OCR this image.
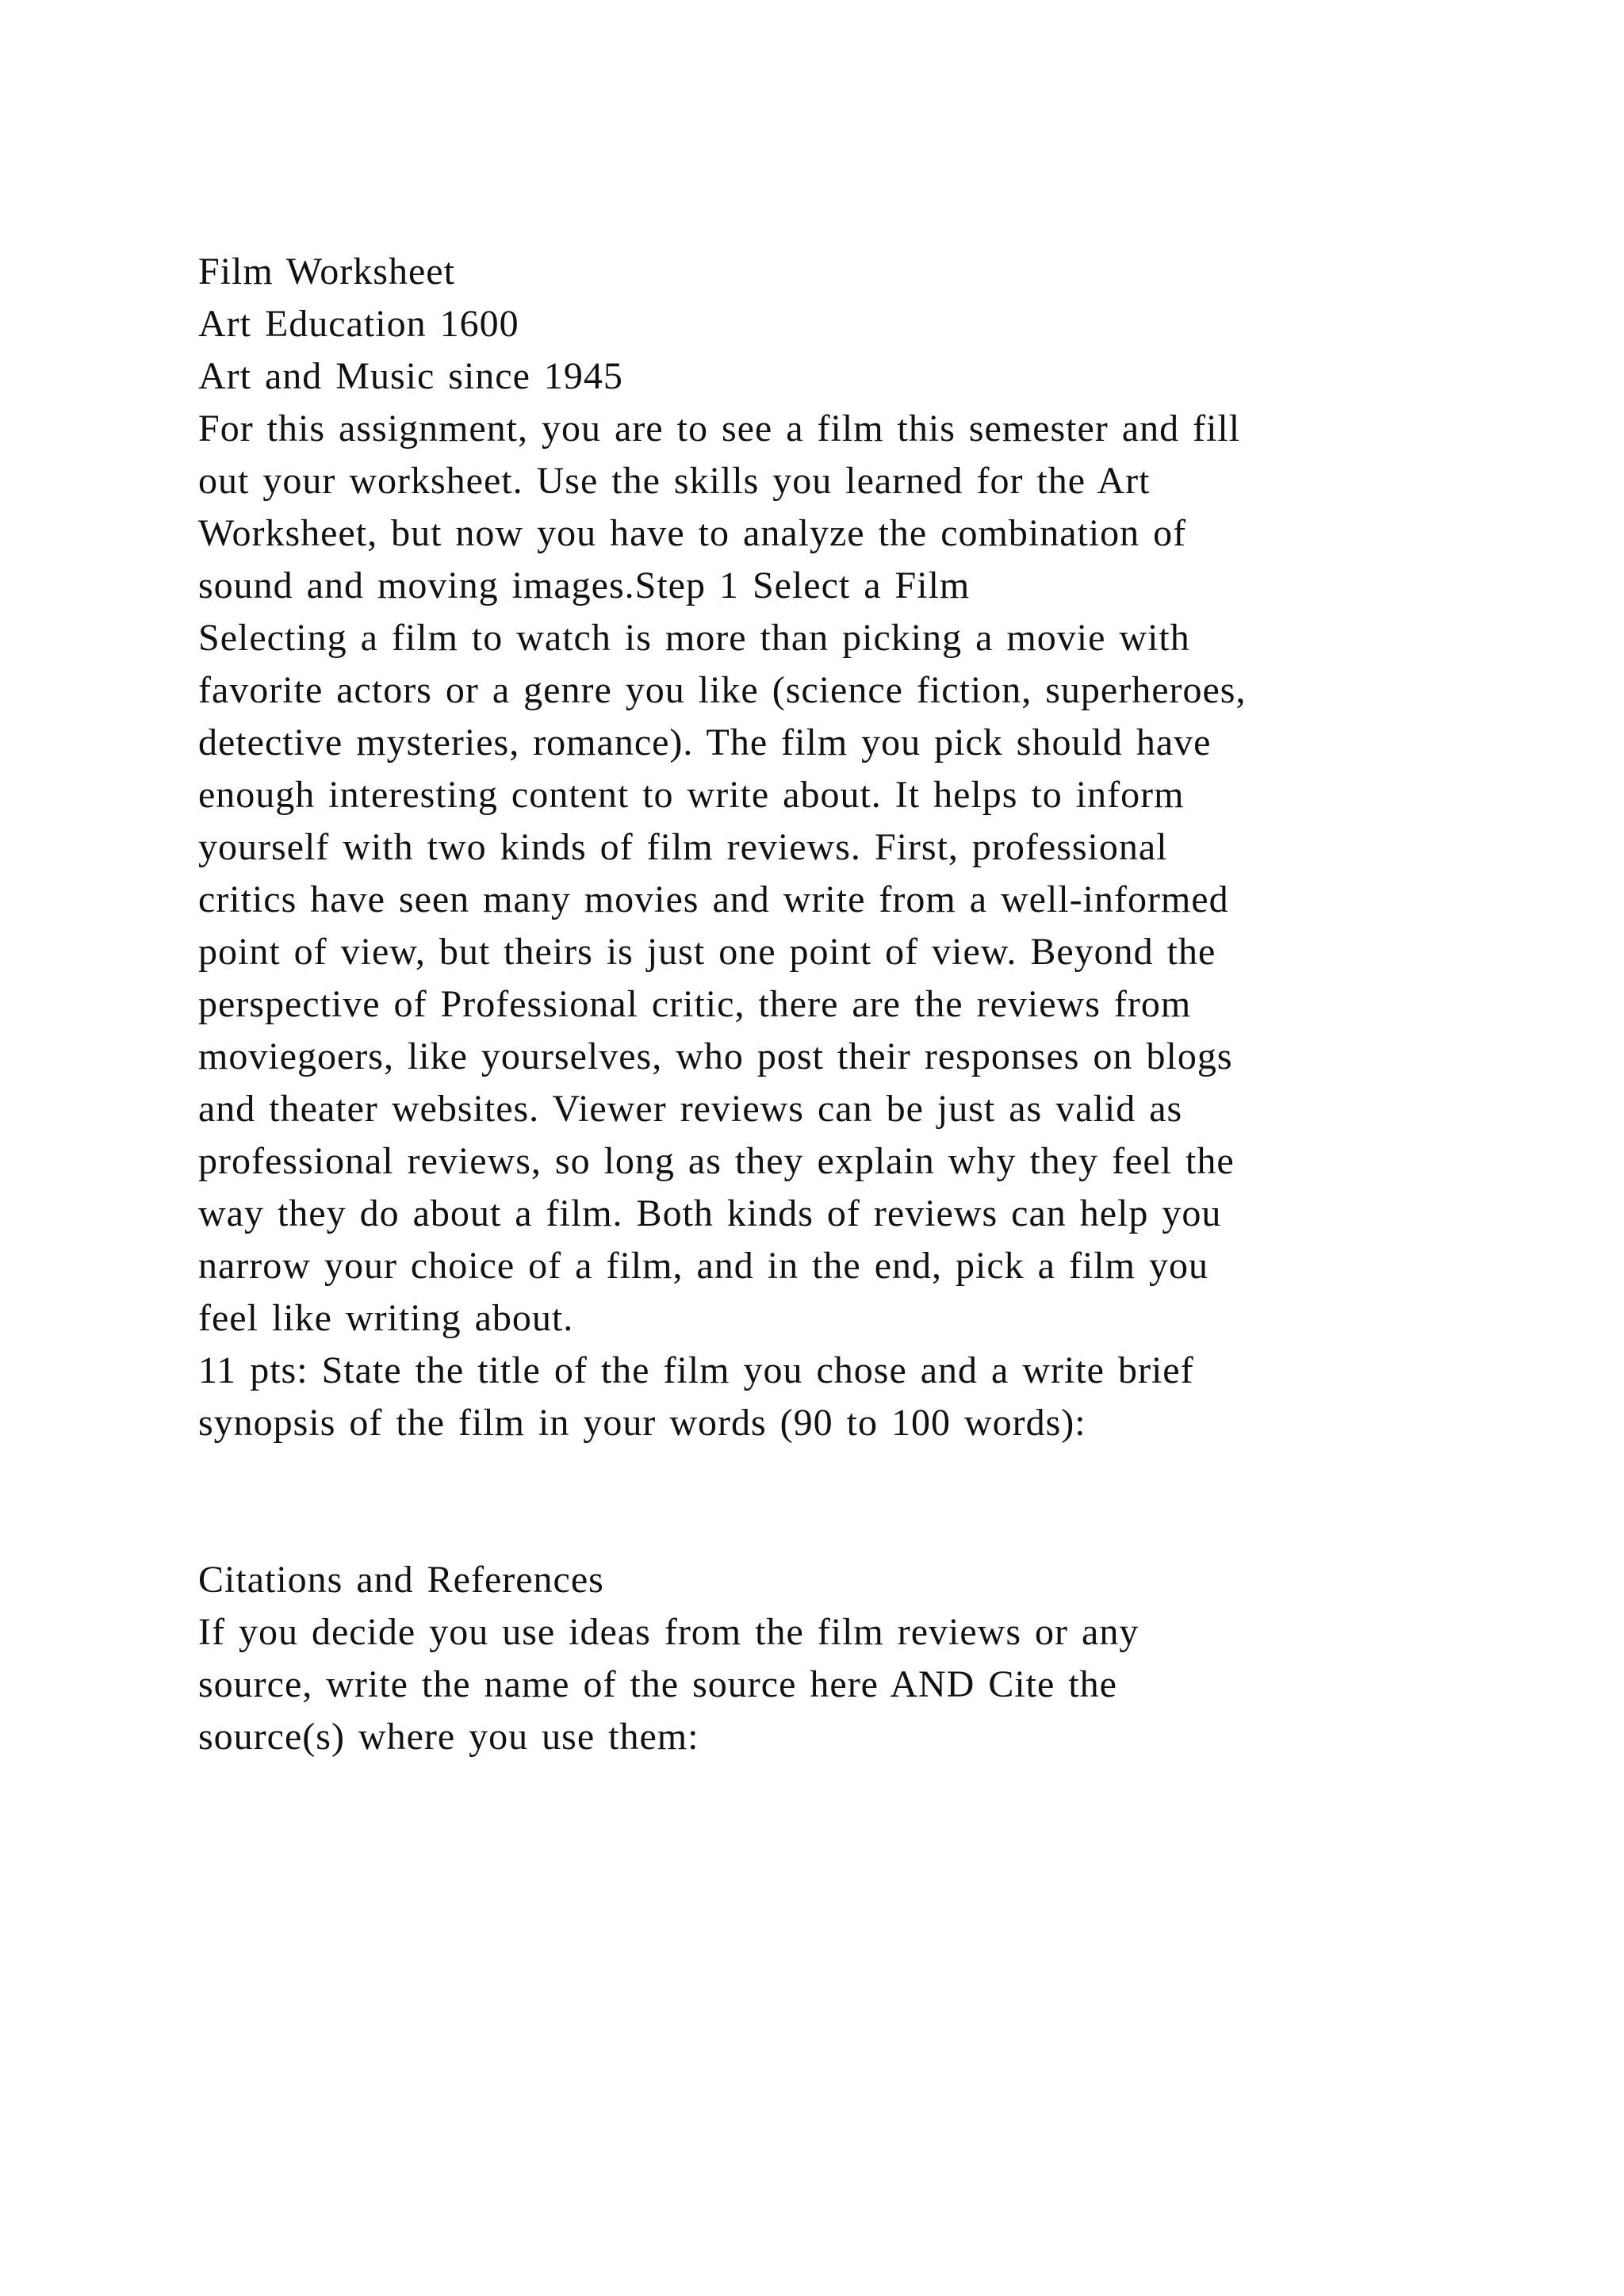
Film Worksheet
Art Education 1600
Art and Music since 1945
For this assignment, you are to see a film this semester and fill
out your worksheet. Use the skills you learned for the Art
Worksheet, but now you have to analyze the combination of
sound and moving images.Step 1 Select a Film
Selecting a film to watch is more than picking a movie with
favorite actors or a genre you like (science fiction, superheroes,
detective mysteries, romance). The film you pick should have
enough interesting content to write about. It helps to inform
yourself with two kinds of film reviews. First, professional
critics have seen many movies and write from a well-informed
point of view, but theirs is just one point of view. Beyond the
perspective of Professional critic, there are the reviews from
moviegoers, like yourselves, who post their responses on blogs
and theater websites. Viewer reviews can be just as valid as
professional reviews, so long as they explain why they feel the
way they do about a film. Both kinds of reviews can help you
narrow your choice of a film, and in the end, pick a film you
feel like writing about.
11 pts: State the title of the film you chose and a write brief
synopsis of the film in your words (90 to 100 words):
Citations and References
If you decide you use ideas from the film reviews or any
source, write the name of the source here AND Cite the
source(s) where you use them:
